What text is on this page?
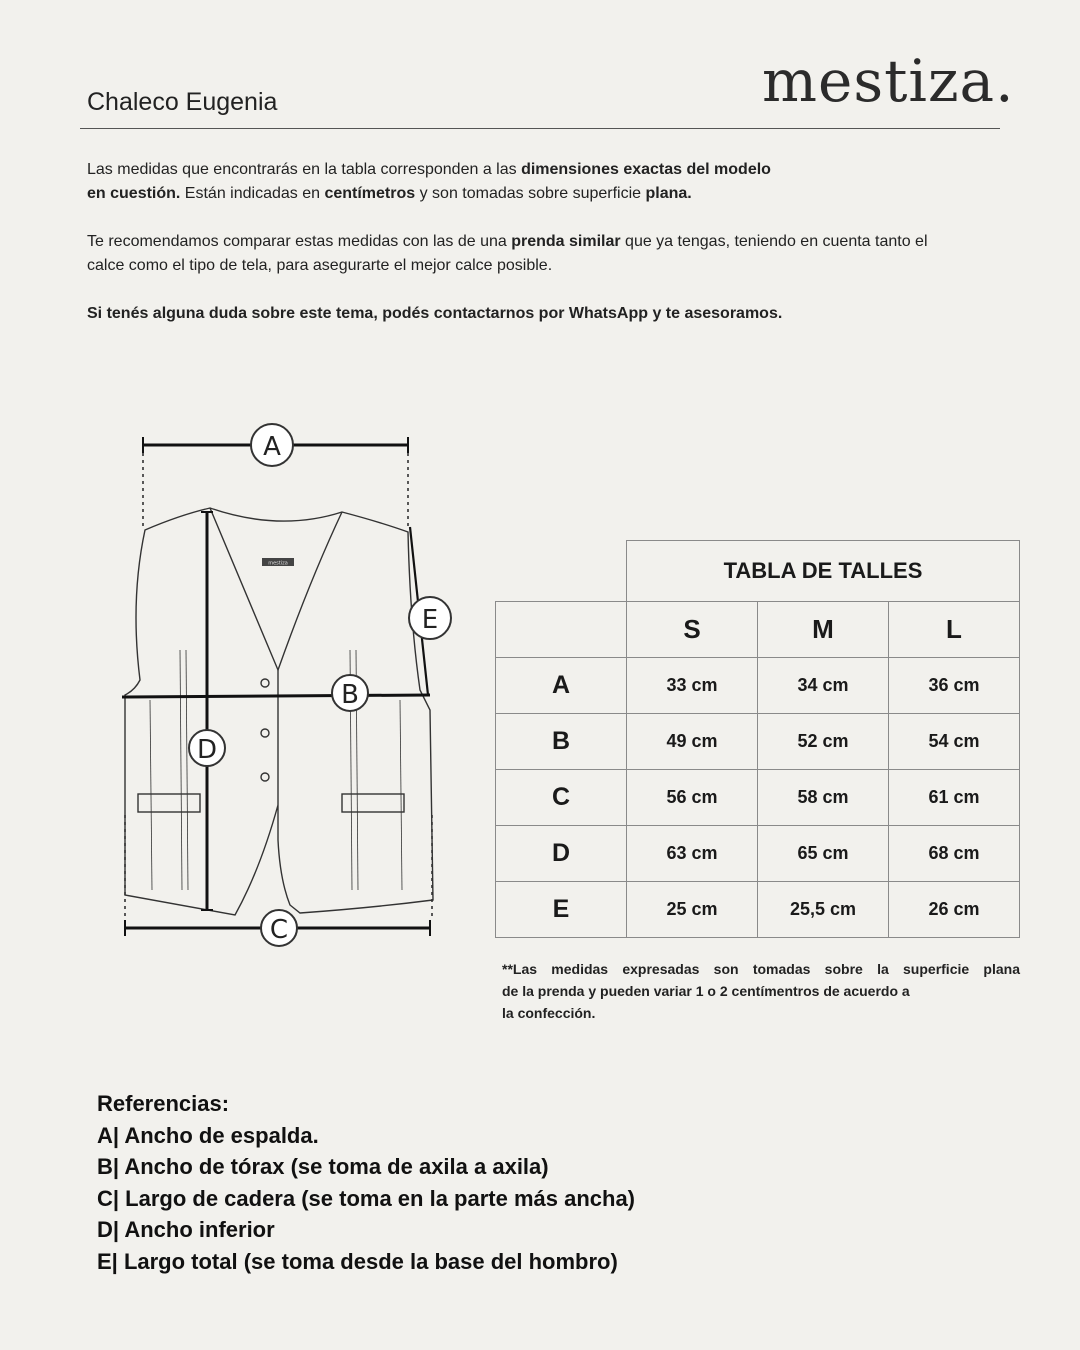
Chaleco Eugenia	mestiza.

Las medidas que encontrarás en la tabla corresponden a las dimensiones exactas del modelo
en cuestión. Están indicadas en centímetros y son tomadas sobre superficie plana.

Te recomendamos comparar estas medidas con las de una prenda similar que ya tengas, teniendo en cuenta tanto el
calce como el tipo de tela, para asegurarte el mejor calce posible.

Si tenés alguna duda sobre este tema, podés contactarnos por WhatsApp y te asesoramos.

mestiza
A
B
C
D
E
	TABLA DE TALLES		
	S	M	L
A	33 cm	34 cm	36 cm
B	49 cm	52 cm	54 cm
C	56 cm	58 cm	61 cm
D	63 cm	65 cm	68 cm
E	25 cm	25,5 cm	26 cm
**Las medidas expresadas son tomadas sobre la superficie plana
de la prenda y pueden variar 1 o 2 centímentros de acuerdo a
la confección.
Referencias:
A| Ancho de espalda.
B| Ancho de tórax (se toma de axila a axila)
C| Largo de cadera (se toma en la parte más ancha)
D| Ancho inferior
E| Largo total (se toma desde la base del hombro)
